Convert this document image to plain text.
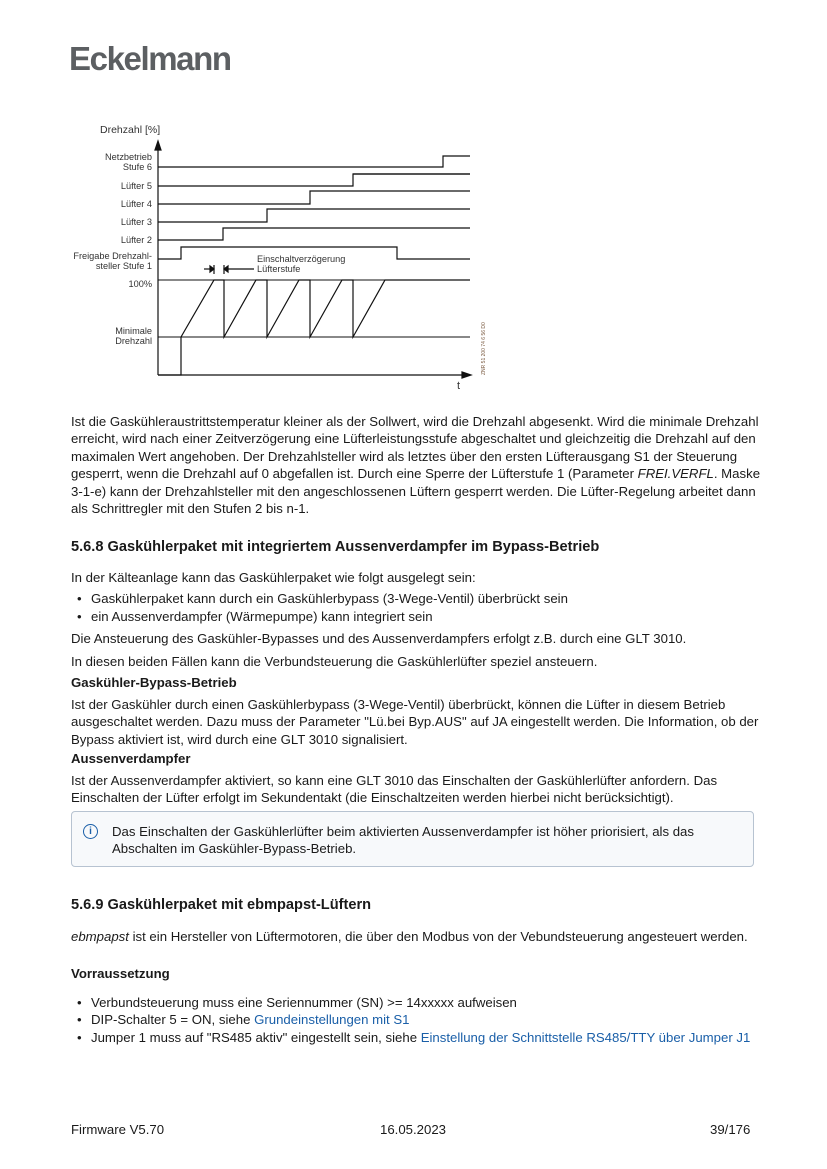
Eckelmann
Drehzahl [%]
Netzbetrieb
Stufe 6
Lüfter 5
Lüfter 4
Lüfter 3
Lüfter 2
Freigabe Drehzahl-
steller Stufe 1
100%
Minimale
Drehzahl
Einschaltverzögerung
Lüfterstufe
t
ZNR 51 200 74 6 56 D0

Ist die Gaskühleraustrittstemperatur kleiner als der Sollwert, wird die Drehzahl abgesenkt. Wird die minimale Drehzahl erreicht, wird nach einer Zeitverzögerung eine Lüfterleistungsstufe abgeschaltet und gleichzeitig die Drehzahl auf den maximalen Wert angehoben. Der Drehzahlsteller wird als letztes über den ersten Lüfterausgang S1 der Steuerung gesperrt, wenn die Drehzahl auf 0 abgefallen ist. Durch eine Sperre der Lüfterstufe 1 (Parameter FREI.VERFL. Maske 3-1-e) kann der Drehzahlsteller mit den angeschlossenen Lüftern gesperrt werden. Die Lüfter-Regelung arbeitet dann als Schrittregler mit den Stufen 2 bis n-1.

5.6.8 Gaskühlerpaket mit integriertem Aussenverdampfer im Bypass-Betrieb

In der Kälteanlage kann das Gaskühlerpaket wie folgt ausgelegt sein:

• Gaskühlerpaket kann durch ein Gaskühlerbypass (3-Wege-Ventil) überbrückt sein
• ein Aussenverdampfer (Wärmepumpe) kann integriert sein

Die Ansteuerung des Gaskühler-Bypasses und des Aussenverdampfers erfolgt z.B. durch eine GLT 3010.

In diesen beiden Fällen kann die Verbundsteuerung die Gaskühlerlüfter speziel ansteuern.

Gaskühler-Bypass-Betrieb
Ist der Gaskühler durch einen Gaskühlerbypass (3-Wege-Ventil) überbrückt, können die Lüfter in diesem Betrieb ausgeschaltet werden. Dazu muss der Parameter "Lü.bei Byp.AUS" auf JA eingestellt werden. Die Information, ob der Bypass aktiviert ist, wird durch eine GLT 3010 signalisiert.
Aussenverdampfer
Ist der Aussenverdampfer aktiviert, so kann eine GLT 3010 das Einschalten der Gaskühlerlüfter anfordern. Das Einschalten der Lüfter erfolgt im Sekundentakt (die Einschaltzeiten werden hierbei nicht berücksichtigt).
i	Das Einschalten der Gaskühlerlüfter beim aktivierten Aussenverdampfer ist höher priorisiert, als das Abschalten im Gaskühler-Bypass-Betrieb.
5.6.9 Gaskühlerpaket mit ebmpapst-Lüftern

ebmpapst ist ein Hersteller von Lüftermotoren, die über den Modbus von der Vebundsteuerung angesteuert werden.

Vorraussetzung
• Verbundsteuerung muss eine Seriennummer (SN) >= 14xxxxx aufweisen
• DIP-Schalter 5 = ON, siehe Grundeinstellungen mit S1
• Jumper 1 muss auf "RS485 aktiv" eingestellt sein, siehe Einstellung der Schnittstelle RS485/TTY über Jumper J1
Firmware V5.70	16.05.2023	39/176
